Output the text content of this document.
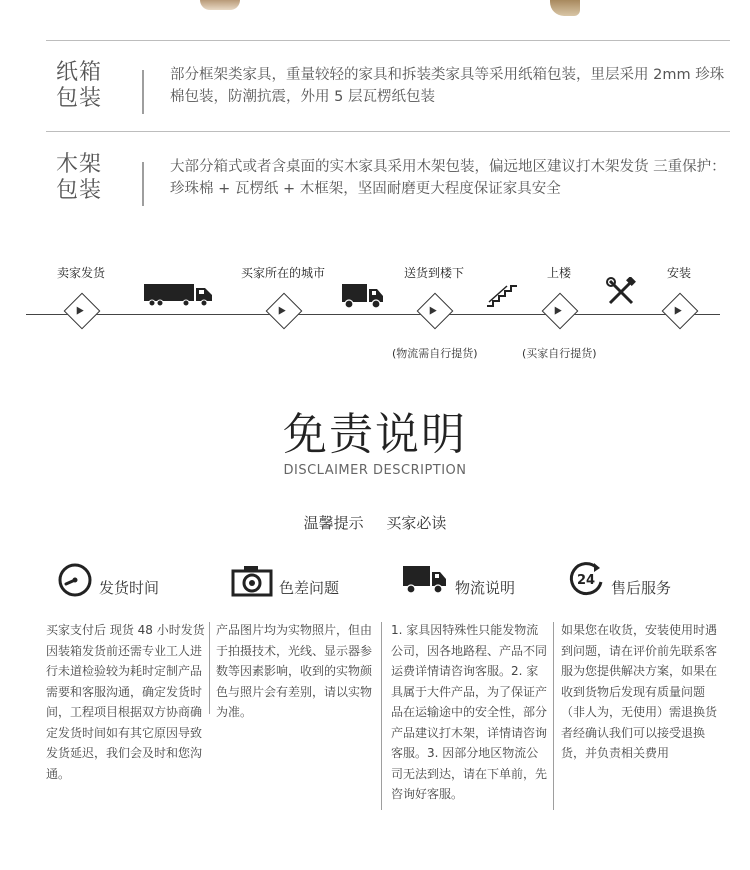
纸箱
包装
部分框架类家具，重量较轻的家具和拆装类家具等采用纸箱包装，里层采用 2mm 珍珠棉包装，防潮抗震，外用 5 层瓦楞纸包装
木架
包装
大部分箱式或者含桌面的实木家具采用木架包装，偏远地区建议打木架发货 三重保护：珍珠棉 + 瓦楞纸 + 木框架，坚固耐磨更大程度保证家具安全
卖家发货	买家所在的城市	送货到楼下	上楼	安装
(物流需自行提货)	(买家自行提货)
免责说明
DISCLAIMER DESCRIPTION
温馨提示 买家必读
发货时间	色差问题	物流说明	24 售后服务
买家支付后 现货 48 小时发货 因装箱发货前还需专业工人进行未道检验较为耗时定制产品需要和客服沟通，确定发货时间，工程项目根据双方协商确定发货时间如有其它原因导致发货延迟，我们会及时和您沟通。
产品图片均为实物照片，但由于拍摄技术，光线、显示器参数等因素影响，收到的实物颜色与照片会有差别，请以实物为准。
1. 家具因特殊性只能发物流公司，因各地路程、产品不同运费详情请咨询客服。2. 家具属于大件产品，为了保证产品在运输途中的安全性，部分产品建议打木架，详情请咨询客服。3. 因部分地区物流公司无法到达，请在下单前，先咨询好客服。
如果您在收货，安装使用时遇到问题，请在评价前先联系客服为您提供解决方案，如果在收到货物后发现有质量问题（非人为，无使用）需退换货者经确认我们可以接受退换货，并负责相关费用
